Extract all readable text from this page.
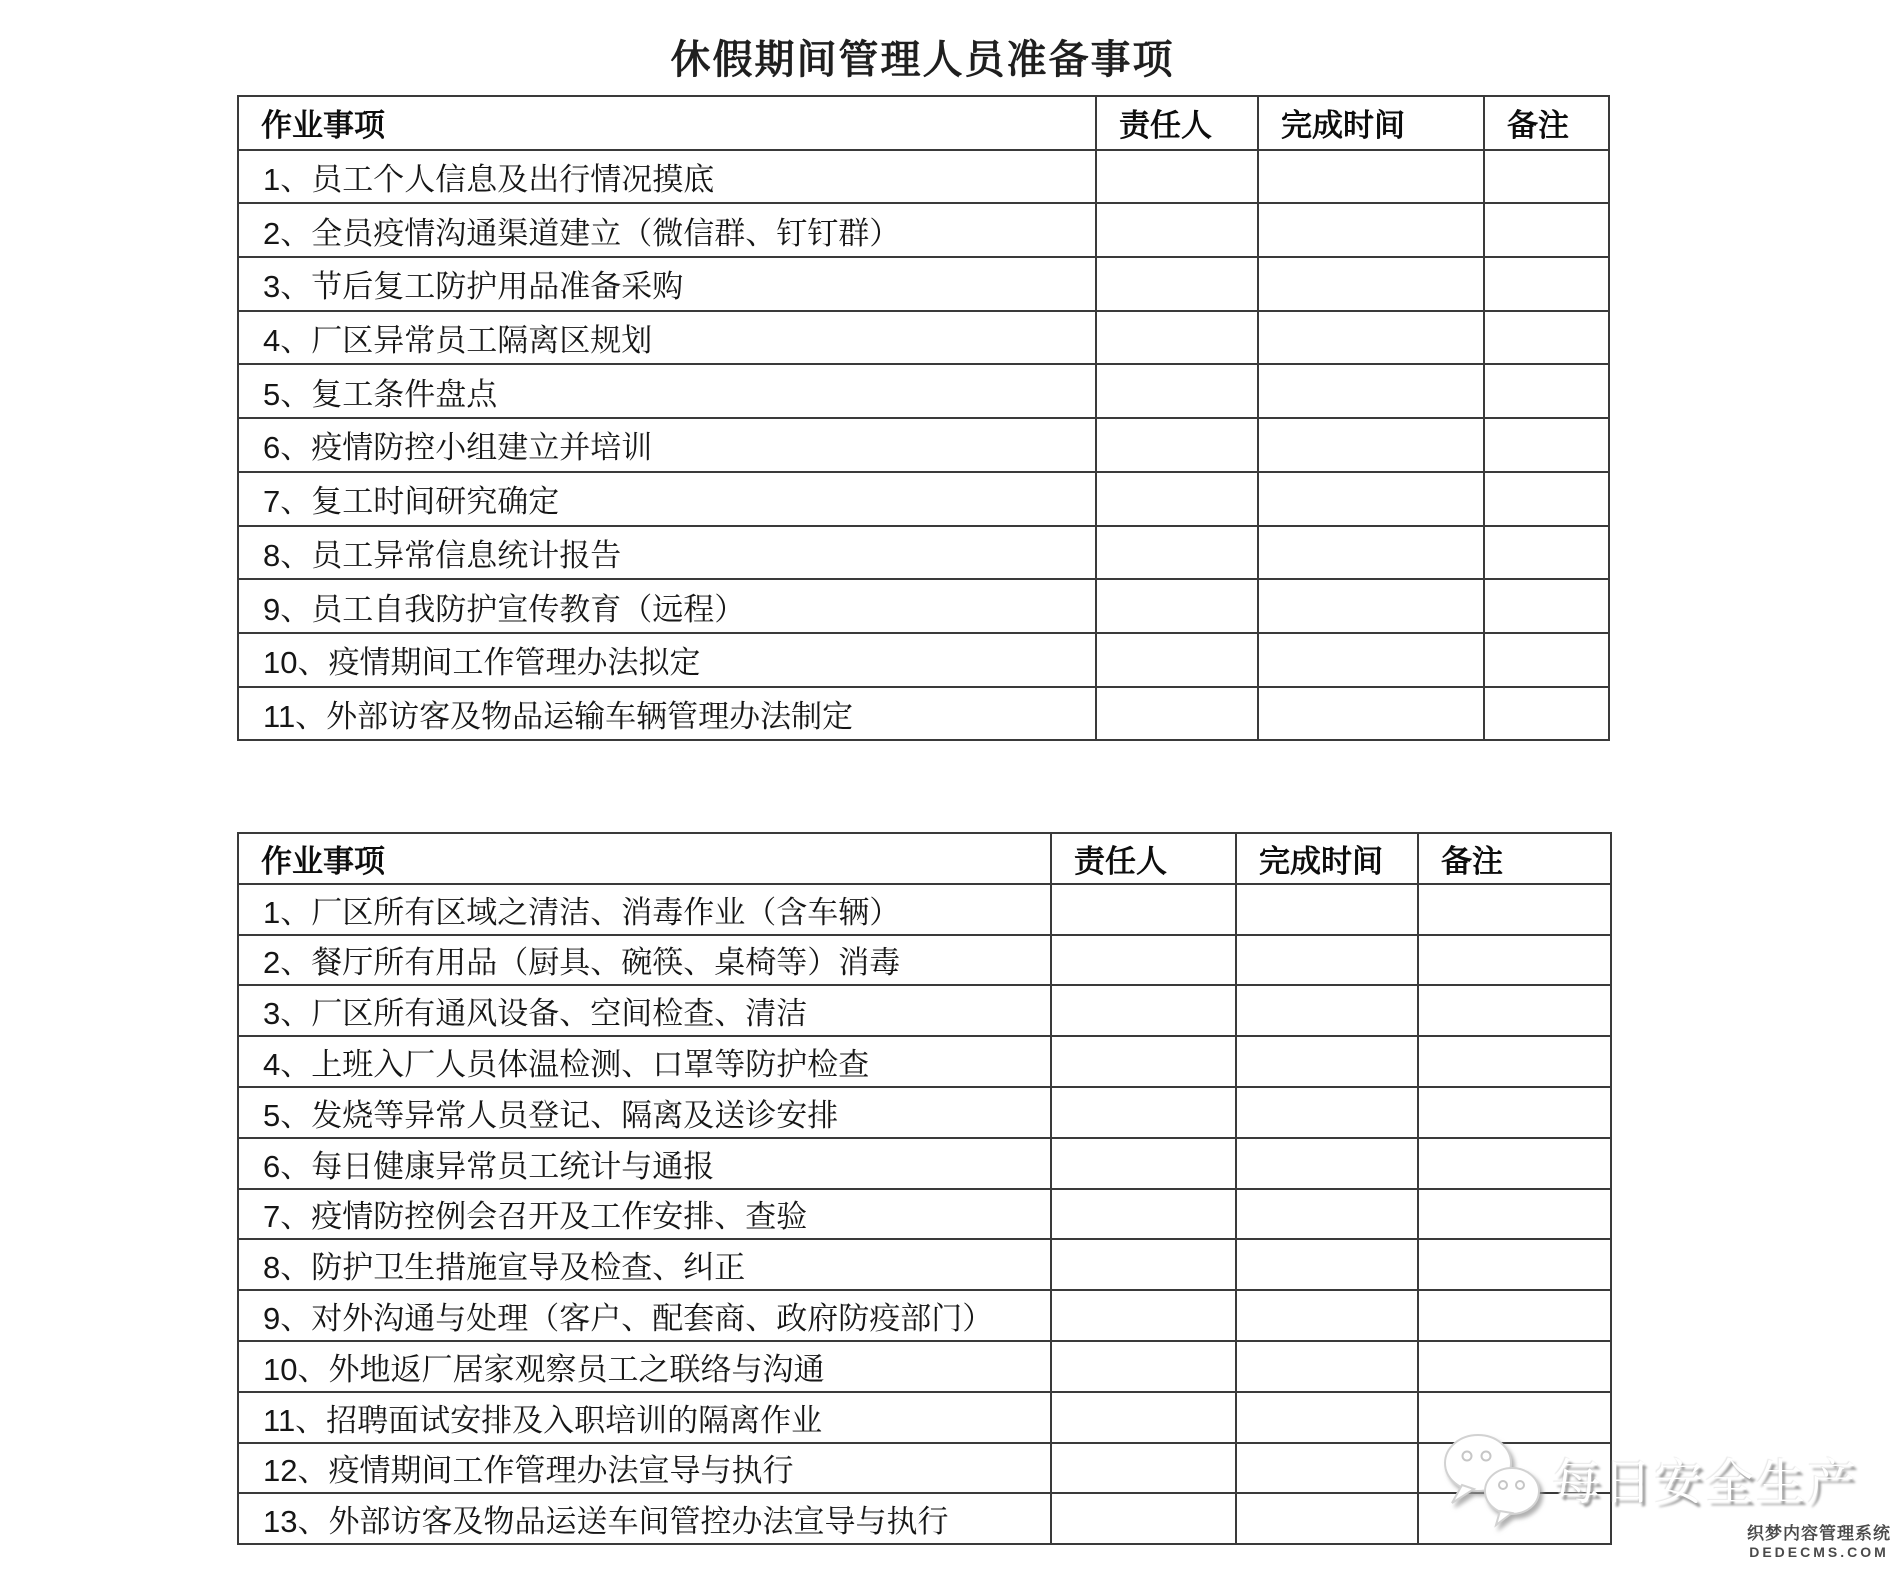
休假期间管理人员准备事项
作业事项	责任人	完成时间	备注
1、员工个人信息及出行情况摸底			
2、全员疫情沟通渠道建立（微信群、钉钉群）			
3、节后复工防护用品准备采购			
4、厂区异常员工隔离区规划			
5、复工条件盘点			
6、疫情防控小组建立并培训			
7、复工时间研究确定			
8、员工异常信息统计报告			
9、员工自我防护宣传教育（远程）			
10、疫情期间工作管理办法拟定			
11、外部访客及物品运输车辆管理办法制定			
作业事项	责任人	完成时间	备注
1、厂区所有区域之清洁、消毒作业（含车辆）			
2、餐厅所有用品（厨具、碗筷、桌椅等）消毒			
3、厂区所有通风设备、空间检查、清洁			
4、上班入厂人员体温检测、口罩等防护检查			
5、发烧等异常人员登记、隔离及送诊安排			
6、每日健康异常员工统计与通报			
7、疫情防控例会召开及工作安排、查验			
8、防护卫生措施宣导及检查、纠正			
9、对外沟通与处理（客户、配套商、政府防疫部门）			
10、外地返厂居家观察员工之联络与沟通			
11、招聘面试安排及入职培训的隔离作业			
12、疫情期间工作管理办法宣导与执行			
13、外部访客及物品运送车间管控办法宣导与执行			
每日安全生产
织梦内容管理系统
DEDECMS.COM
